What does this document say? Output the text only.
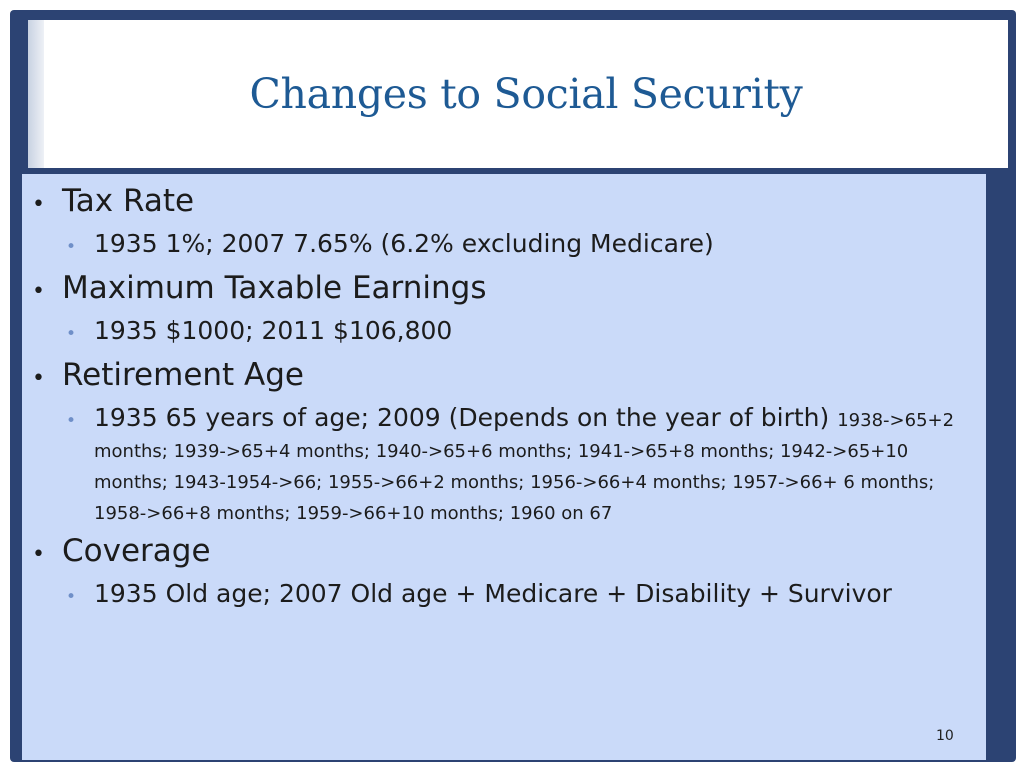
Changes to Social Security
• Tax Rate
• 1935 1%; 2007 7.65% (6.2% excluding Medicare)
• Maximum Taxable Earnings
• 1935 $1000; 2011 $106,800
• Retirement Age
• 1935 65 years of age; 2009 (Depends on the year of birth) 1938->65+2 months; 1939->65+4 months; 1940->65+6 months; 1941->65+8 months; 1942->65+10 months; 1943-1954->66; 1955->66+2 months; 1956->66+4 months; 1957->66+ 6 months; 1958->66+8 months; 1959->66+10 months; 1960 on 67
• Coverage
• 1935 Old age; 2007 Old age + Medicare + Disability + Survivor
10
